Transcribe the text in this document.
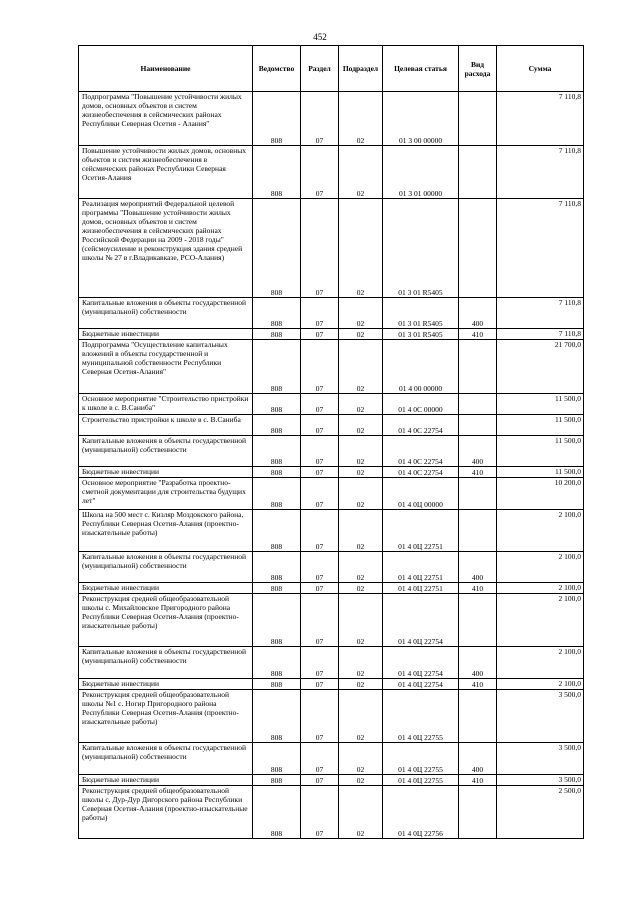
452
Наименование	Ведомство	Раздел	Подраздел	Целевая статья	Вид расхода	Сумма
Подпрограмма "Повышение устойчивости жилых домов, основных объектов и систем жизнеобеспечения в сейсмических районах Республики Северная Осетия - Алания"	808	07	02	01 3 00 00000		7 110,8
Повышение устойчивости жилых домов, основных объектов и систем жизнеобеспечения в сейсмических районах Республики Северная Осетия-Алания	808	07	02	01 3 01 00000		7 110,8
Реализация мероприятий Федеральной целевой программы "Повышение устойчивости жилых домов, основных объектов и систем жизнеобеспечения в сейсмических районах Российской Федерации на 2009 - 2018 годы" (сейсмоусиление и реконструкция здания средней школы № 27 в г.Владикавказе, РСО-Алания)	808	07	02	01 3 01 R5405		7 110,8
Капитальные вложения в объекты государственной (муниципальной) собственности	808	07	02	01 3 01 R5405	400	7 110,8
Бюджетные инвестиции	808	07	02	01 3 01 R5405	410	7 110,8
Подпрограмма "Осуществление капитальных вложений в объекты государственной и муниципальной собственности Республики Северная Осетия-Алания"	808	07	02	01 4 00 00000		21 700,0
Основное мероприятие "Строительство пристройки к школе в с. В.Саниба"	808	07	02	01 4 0С 00000		11 500,0
Строительство пристройки к школе в с. В.Саниба	808	07	02	01 4 0С 22754		11 500,0
Капитальные вложения в объекты государственной (муниципальной) собственности	808	07	02	01 4 0С 22754	400	11 500,0
Бюджетные инвестиции	808	07	02	01 4 0С 22754	410	11 500,0
Основное мероприятие "Разработка проектно-сметной документации для строительства будущих лет"	808	07	02	01 4 0Ц 00000		10 200,0
Школа на 500 мест с. Кизляр Моздокского района, Республики Северная Осетия-Алания (проектно-изыскательные работы)	808	07	02	01 4 0Ц 22751		2 100,0
Капитальные вложения в объекты государственной (муниципальной) собственности	808	07	02	01 4 0Ц 22751	400	2 100,0
Бюджетные инвестиции	808	07	02	01 4 0Ц 22751	410	2 100,0
Реконструкция средней общеобразовательной школы с. Михайловское Пригородного района Республики Северная Осетия-Алания (проектно-изыскательные работы)	808	07	02	01 4 0Ц 22754		2 100,0
Капитальные вложения в объекты государственной (муниципальной) собственности	808	07	02	01 4 0Ц 22754	400	2 100,0
Бюджетные инвестиции	808	07	02	01 4 0Ц 22754	410	2 100,0
Реконструкция средней общеобразовательной школы №1 с. Ногир Пригородного района Республики Северная Осетия-Алания (проектно-изыскательные работы)	808	07	02	01 4 0Ц 22755		3 500,0
Капитальные вложения в объекты государственной (муниципальной) собственности	808	07	02	01 4 0Ц 22755	400	3 500,0
Бюджетные инвестиции	808	07	02	01 4 0Ц 22755	410	3 500,0
Реконструкция средней общеобразовательной школы с. Дур-Дур Дигорского района Республики Северная Осетия-Алания (проектно-изыскательные работы)	808	07	02	01 4 0Ц 22756		2 500,0
